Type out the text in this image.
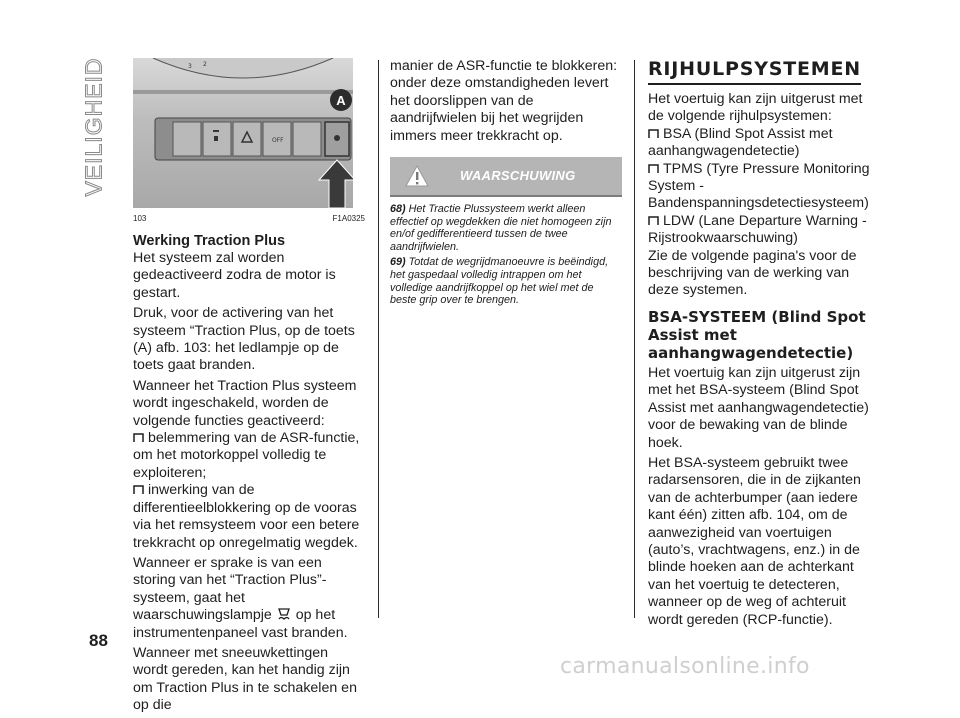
VEILIGHEID	3 2
OFF
A
103	F1A0325
Werking Traction Plus

Het systeem zal worden gedeactiveerd zodra de motor is gestart.

Druk, voor de activering van het systeem “Traction Plus, op de toets (A) afb. 103: het ledlampje op de toets gaat branden.

Wanneer het Traction Plus systeem wordt ingeschakeld, worden de volgende functies geactiveerd:

belemmering van de ASR-functie, om het motorkoppel volledig te exploiteren;
inwerking van de differentieelblokkering op de vooras via het remsysteem voor een betere trekkracht op onregelmatig wegdek.

Wanneer er sprake is van een storing van het “Traction Plus”-systeem, gaat het waarschuwingslampje op het instrumentenpaneel vast branden.

Wanneer met sneeuwkettingen wordt gereden, kan het handig zijn om Traction Plus in te schakelen en op die

manier de ASR-functie te blokkeren: onder deze omstandigheden levert het doorslippen van de aandrijfwielen bij het wegrijden immers meer trekkracht op.

WAARSCHUWING

68) Het Tractie Plussysteem werkt alleen effectief op wegdekken die niet homogeen zijn en/of gedifferentieerd tussen de twee aandrijfwielen.

69) Totdat de wegrijdmanoeuvre is beëindigd, het gaspedaal volledig intrappen om het volledige aandrijfkoppel op het wiel met de beste grip over te brengen.

RIJHULPSYSTEMEN

Het voertuig kan zijn uitgerust met de volgende rijhulpsystemen:

BSA (Blind Spot Assist met aanhangwagendetectie)
TPMS (Tyre Pressure Monitoring System - Bandenspanningsdetectiesysteem)
LDW (Lane Departure Warning - Rijstrookwaarschuwing)

Zie de volgende pagina's voor de beschrijving van de werking van deze systemen.

BSA-SYSTEEM (Blind Spot Assist met aanhangwagendetectie)

Het voertuig kan zijn uitgerust zijn met het BSA-systeem (Blind Spot Assist met aanhangwagendetectie) voor de bewaking van de blinde hoek.

Het BSA-systeem gebruikt twee radarsensoren, die in de zijkanten van de achterbumper (aan iedere kant één) zitten afb. 104, om de aanwezigheid van voertuigen (auto’s, vrachtwagens, enz.) in de blinde hoeken aan de achterkant van het voertuig te detecteren, wanneer op de weg of achteruit wordt gereden (RCP-functie).

88
carmanualsonline.info
